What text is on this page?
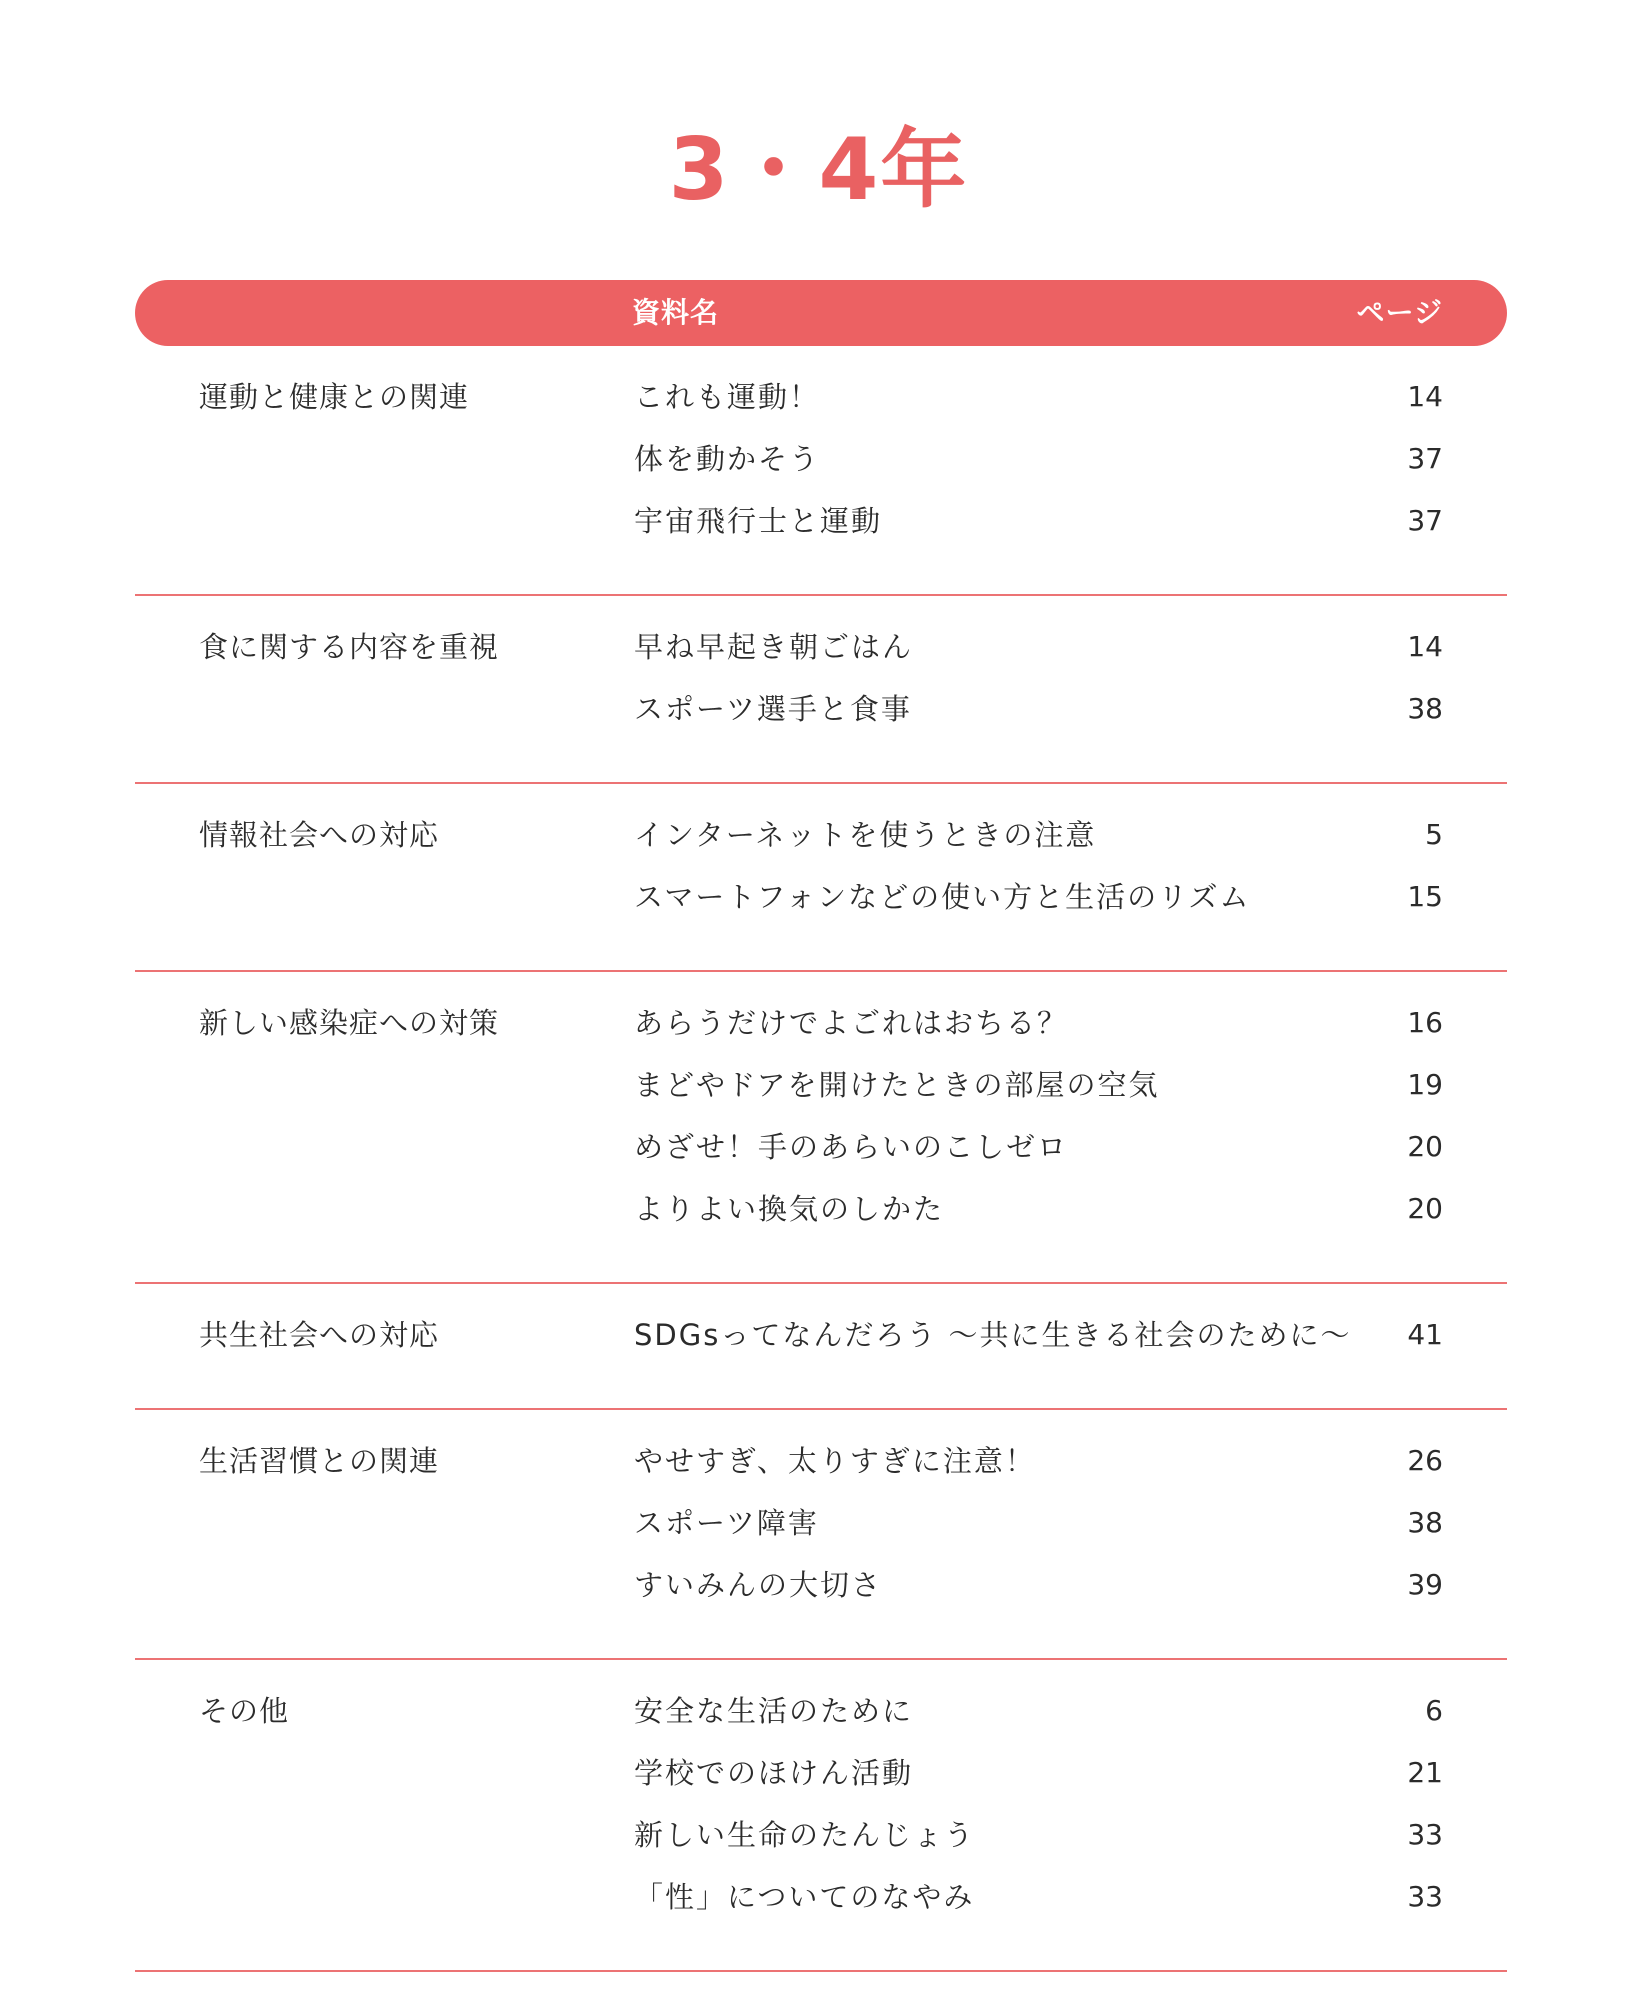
3・4年
資料名	ページ
運動と健康との関連	これも運動！	14
体を動かそう	37
宇宙飛行士と運動	37
食に関する内容を重視	早ね早起き朝ごはん	14
スポーツ選手と食事	38
情報社会への対応	インターネットを使うときの注意	5
スマートフォンなどの使い方と生活のリズム	15
新しい感染症への対策	あらうだけでよごれはおちる？	16
まどやドアを開けたときの部屋の空気	19
めざせ！手のあらいのこしゼロ	20
よりよい換気のしかた	20
共生社会への対応	SDGsってなんだろう 〜共に生きる社会のために〜 41
生活習慣との関連	やせすぎ、太りすぎに注意！	26
スポーツ障害	38
すいみんの大切さ	39
その他	安全な生活のために	6
学校でのほけん活動	21
新しい生命のたんじょう	33
「性」についてのなやみ	33
